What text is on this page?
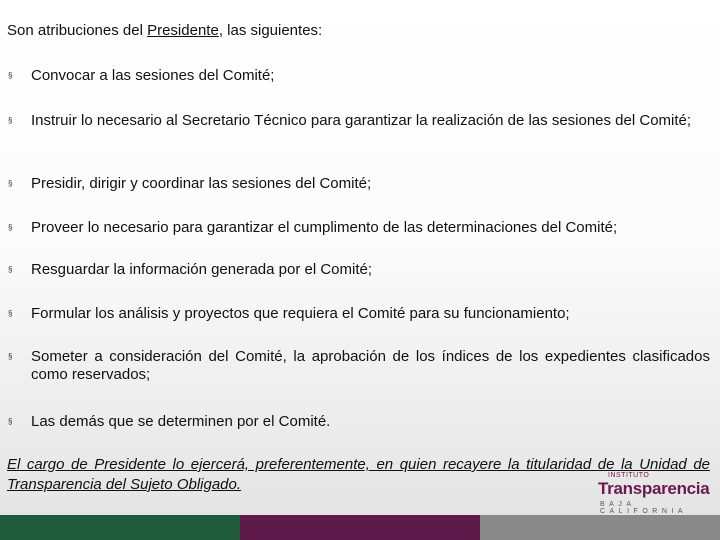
Son atribuciones del Presidente, las siguientes:

§	Convocar a las sesiones del Comité;
§	Instruir lo necesario al Secretario Técnico para garantizar la realización de las sesiones del Comité;
§	Presidir, dirigir y coordinar las sesiones del Comité;
§	Proveer lo necesario para garantizar el cumplimento de las determinaciones del Comité;
§	Resguardar la información generada por el Comité;
§	Formular los análisis y proyectos que requiera el Comité para su funcionamiento;
§	Someter a consideración del Comité, la aprobación de los índices de los expedientes clasificados como reservados;
§	Las demás que se determinen por el Comité.

El cargo de Presidente lo ejercerá, preferentemente, en quien recayere la titularidad de la Unidad de Transparencia del Sujeto Obligado.

INSTITUTO
Transparencia
BAJA CALIFORNIA
